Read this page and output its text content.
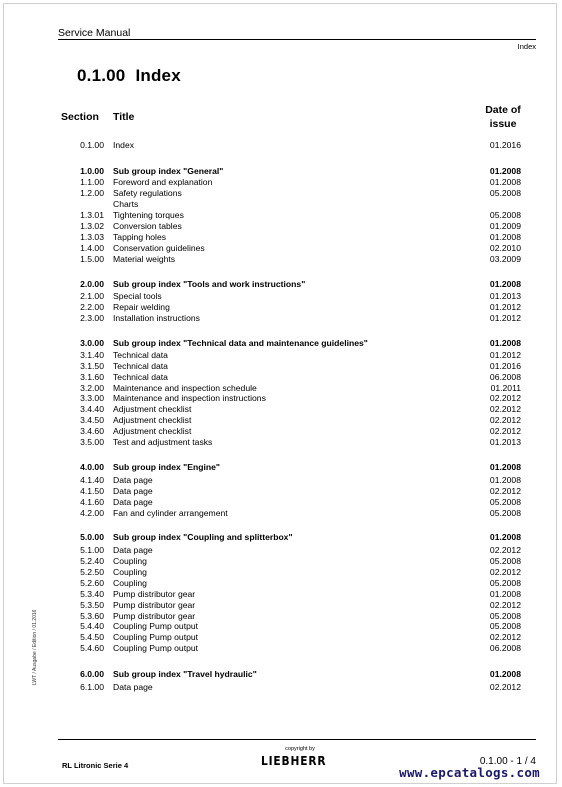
Service Manual
Index
0.1.00 Index
Section Title
Date of
issue
0.1.00 Index	01.2016
1.0.00 Sub group index "General"	01.2008
1.1.00 Foreword and explanation	01.2008
1.2.00 Safety regulations	05.2008
Charts
1.3.01 Tightening torques	05.2008
1.3.02 Conversion tables	01.2009
1.3.03 Tapping holes	01.2008
1.4.00 Conservation guidelines	02.2010
1.5.00 Material weights	03.2009
2.0.00 Sub group index "Tools and work instructions"	01.2008
2.1.00 Special tools	01.2013
2.2.00 Repair welding	01.2012
2.3.00 Installation instructions	01.2012
3.0.00 Sub group index "Technical data and maintenance guidelines"	01.2008
3.1.40 Technical data	01.2012
3.1.50 Technical data	01.2016
3.1.60 Technical data	06.2008
3.2.00 Maintenance and inspection schedule	01.2011
3.3.00 Maintenance and inspection instructions	02.2012
3.4.40 Adjustment checklist	02.2012
3.4.50 Adjustment checklist	02.2012
3.4.60 Adjustment checklist	02.2012
3.5.00 Test and adjustment tasks	01.2013
4.0.00 Sub group index "Engine"	01.2008
4.1.40 Data page	01.2008
4.1.50 Data page	02.2012
4.1.60 Data page	05.2008
4.2.00 Fan and cylinder arrangement	05.2008
5.0.00 Sub group index "Coupling and splitterbox"	01.2008
5.1.00 Data page	02.2012
5.2.40 Coupling	05.2008
5.2.50 Coupling	02.2012
5.2.60 Coupling	05.2008
5.3.40 Pump distributor gear	01.2008
5.3.50 Pump distributor gear	02.2012
5.3.60 Pump distributor gear	05.2008
5.4.40 Coupling Pump output	05.2008
5.4.50 Coupling Pump output	02.2012
5.4.60 Coupling Pump output	06.2008
6.0.00 Sub group index "Travel hydraulic"	01.2008
6.1.00 Data page	02.2012
LWT / Ausgabe / Edition / 01.2016
RL Litronic Serie 4
copyright by
LIEBHERR	0.1.00 - 1 / 4
www.epcatalogs.com
